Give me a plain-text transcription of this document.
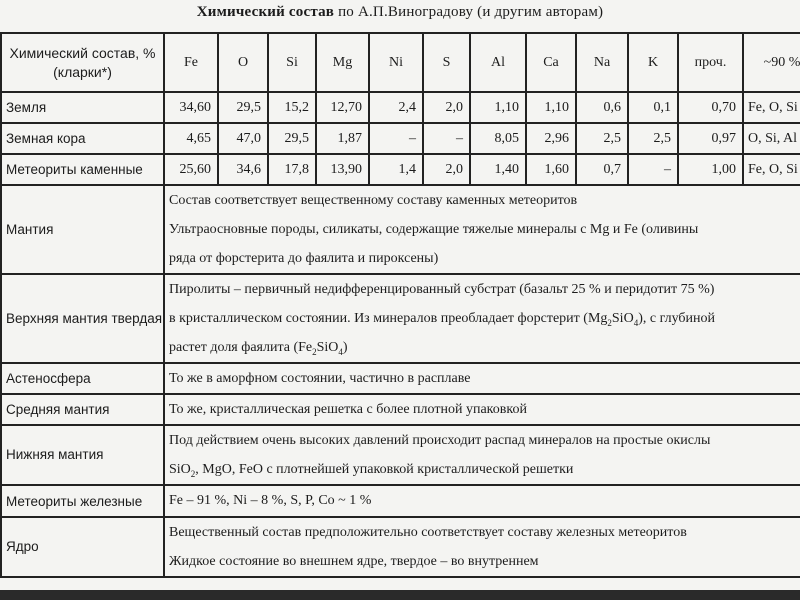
Химический состав по А.П.Виноградову (и другим авторам)
Химический состав, % (кларки*)	Fe	O	Si	Mg	Ni	S	Al	Ca	Na	K	проч.	~90 %
Земля	34,60	29,5	15,2	12,70	2,4	2,0	1,10	1,10	0,6	0,1	0,70	Fe, O, Si
Земная кора	4,65	47,0	29,5	1,87	–	–	8,05	2,96	2,5	2,5	0,97	O, Si, Al
Метеориты каменные	25,60	34,6	17,8	13,90	1,4	2,0	1,40	1,60	0,7	–	1,00	Fe, O, Si
Мантия	Состав соответствует вещественному составу каменных метеоритов
Ультраосновные породы, силикаты, содержащие тяжелые минералы с Mg и Fe (оливины
ряда от форстерита до фаялита и пироксены)											

Верхняя мантия твердая	Пиролиты – первичный недифференцированный субстрат (базальт 25 % и перидотит 75 %)
в кристаллическом состоянии. Из минералов преобладает форстерит $(Mg_2SiO_4)$, с глубиной
растет доля фаялита $(Fe_2SiO_4)$											

Астеносфера	То же в аморфном состоянии, частично в расплаве											
Средняя мантия	То же, кристаллическая решетка с более плотной упаковкой											
Нижняя мантия	Под действием очень высоких давлений происходит распад минералов на простые окислы
SiO$_2$, MgO, FeO с плотнейшей упаковкой кристаллической решетки											

Метеориты железные	Fe – 91 %, Ni – 8 %, S, P, Co ~ 1 %											
Ядро	Вещественный состав предположительно соответствует составу железных метеоритов
Жидкое состояние во внешнем ядре, твердое – во внутреннем											
